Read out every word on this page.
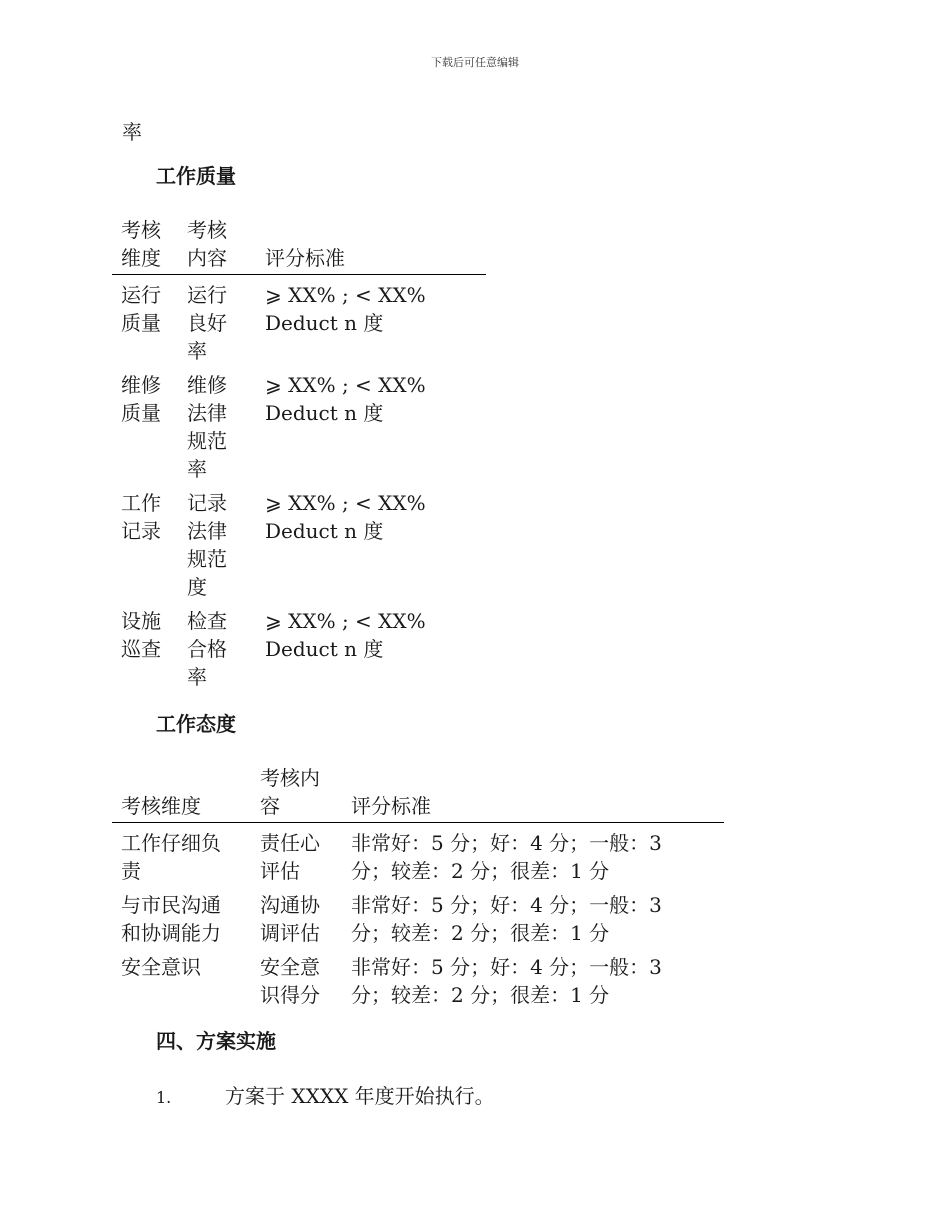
下载后可任意编辑
率
工作质量
考核维度	考核内容	评分标准

运行质量	运行良好率	⩾ XX% ; < XX%
Deduct n 度

维修质量	维修法律规范率	⩾ XX% ; < XX%
Deduct n 度

工作记录	记录法律规范度	⩾ XX% ; < XX%
Deduct n 度

设施巡查	检查合格率	⩾ XX% ; < XX%
Deduct n 度
工作态度
考核维度	考核内容	评分标准

工作仔细负责	责任心评估	非常好：5 分；好：4 分；一般：3 分；较差：2 分；很差：1 分

与市民沟通和协调能力	沟通协调评估	非常好：5 分；好：4 分；一般：3 分；较差：2 分；很差：1 分

安全意识	安全意识得分	非常好：5 分；好：4 分；一般：3 分；较差：2 分；很差：1 分
四、方案实施
1.	方案于 XXXX 年度开始执行。
